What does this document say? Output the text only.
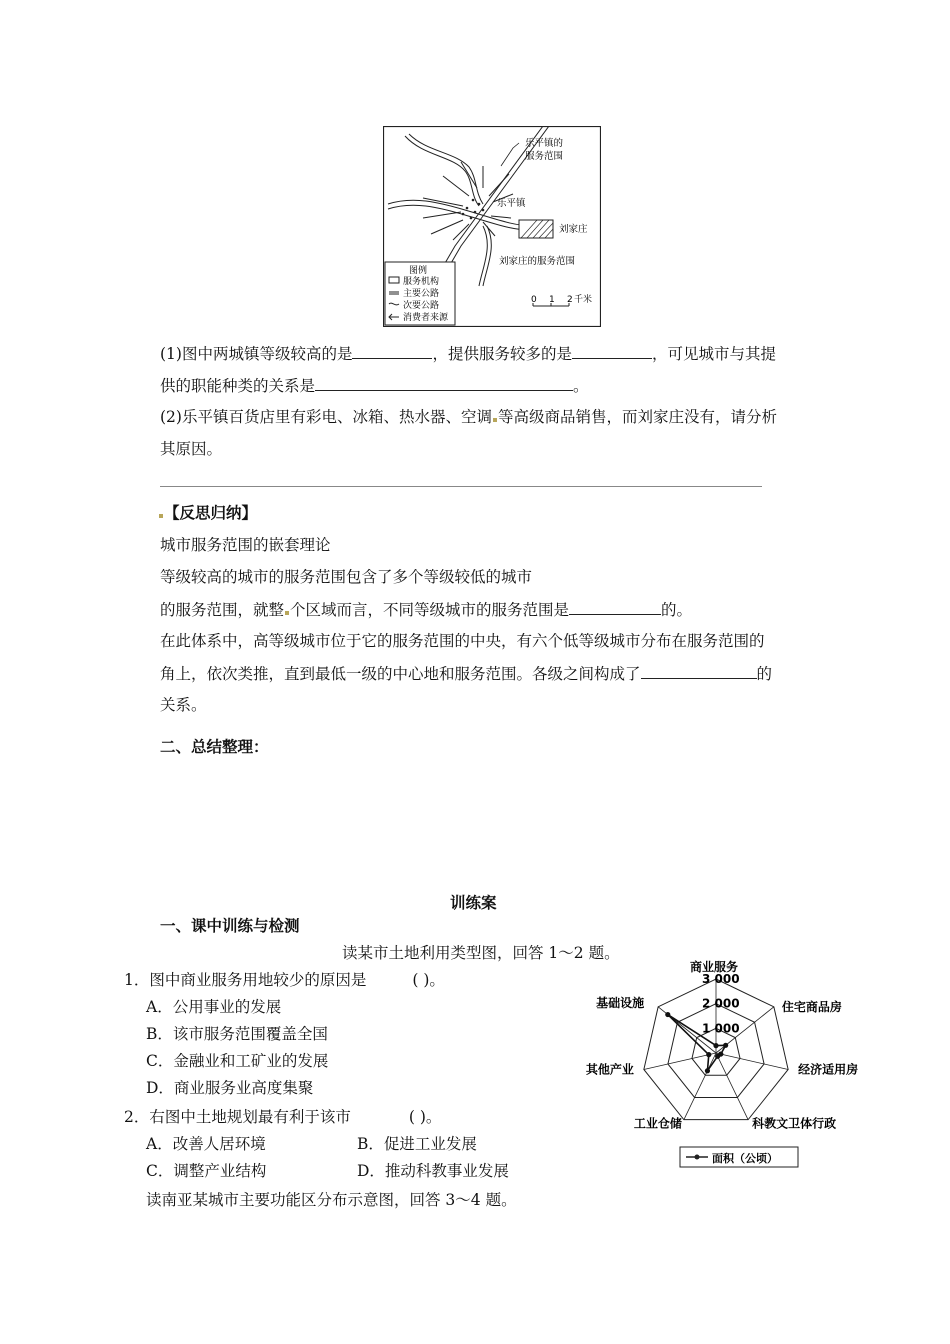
乐平镇的
服务范围
乐平镇
刘家庄
刘家庄的服务范围
图例
服务机构
主要公路
次要公路
消费者来源
0 1 2 千米
(1)图中两城镇等级较高的是	，提供服务较多的是	，可见城市与其提
供的职能种类的关系是	。
(2)乐平镇百货店里有彩电、冰箱、热水器、空调 等高级商品销售，而刘家庄没有，请分析
其原因。
【反思归纳】
城市服务范围的嵌套理论
等级较高的城市的服务范围包含了多个等级较低的城市
的服务范围，就整 个区域而言，不同等级城市的服务范围是	的。
在此体系中，高等级城市位于它的服务范围的中央，有六个低等级城市分布在服务范围的
角上，依次类推，直到最低一级的中心地和服务范围。各级之间构成了	的
关系。
二、总结整理：
训练案
一、课中训练与检测
读某市土地利用类型图，回答 1～2 题。
1．图中商业服务用地较少的原因是	( )。
A．公用事业的发展
B．该市服务范围覆盖全国
C．金融业和工矿业的发展
D．商业服务业高度集聚
2．右图中土地规划最有利于该市	( )。
A．改善人居环境	B．促进工业发展
C．调整产业结构	D．推动科教事业发展
读南亚某城市主要功能区分布示意图，回答 3～4 题。
1 000
2 000
3 000
商业服务
住宅商品房
经济适用房
科教文卫体行政
工业仓储
其他产业
基础设施
面积（公顷）
